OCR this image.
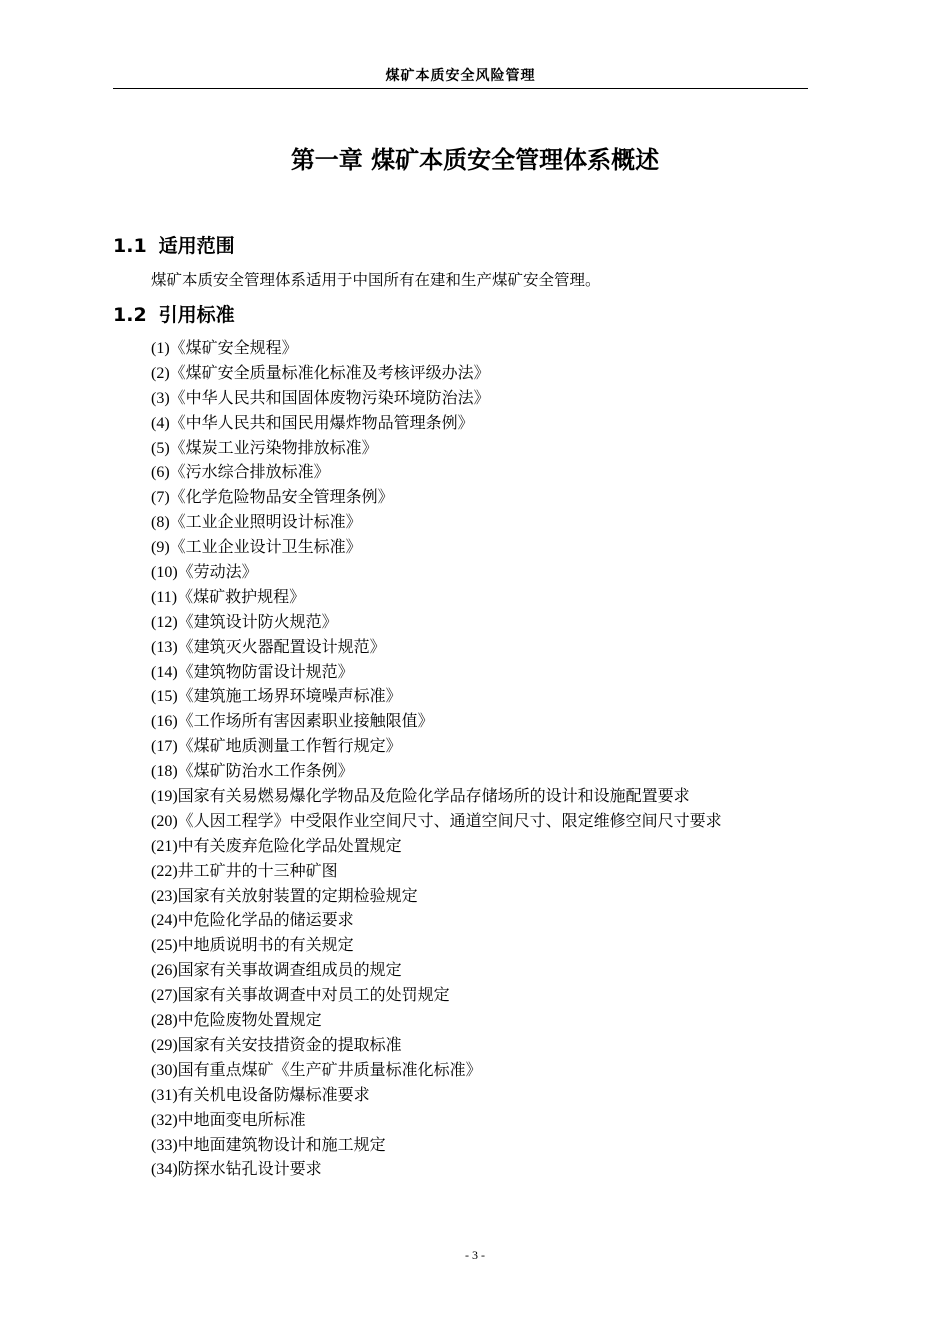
煤矿本质安全风险管理
第一章 煤矿本质安全管理体系概述
1.1 适用范围

煤矿本质安全管理体系适用于中国所有在建和生产煤矿安全管理。

1.2 引用标准
(1)《煤矿安全规程》
(2)《煤矿安全质量标准化标准及考核评级办法》
(3)《中华人民共和国固体废物污染环境防治法》
(4)《中华人民共和国民用爆炸物品管理条例》
(5)《煤炭工业污染物排放标准》
(6)《污水综合排放标准》
(7)《化学危险物品安全管理条例》
(8)《工业企业照明设计标准》
(9)《工业企业设计卫生标准》
(10)《劳动法》
(11)《煤矿救护规程》
(12)《建筑设计防火规范》
(13)《建筑灭火器配置设计规范》
(14)《建筑物防雷设计规范》
(15)《建筑施工场界环境噪声标准》
(16)《工作场所有害因素职业接触限值》
(17)《煤矿地质测量工作暂行规定》
(18)《煤矿防治水工作条例》
(19)国家有关易燃易爆化学物品及危险化学品存储场所的设计和设施配置要求
(20)《人因工程学》中受限作业空间尺寸、通道空间尺寸、限定维修空间尺寸要求
(21)中有关废弃危险化学品处置规定
(22)井工矿井的十三种矿图
(23)国家有关放射装置的定期检验规定
(24)中危险化学品的储运要求
(25)中地质说明书的有关规定
(26)国家有关事故调查组成员的规定
(27)国家有关事故调查中对员工的处罚规定
(28)中危险废物处置规定
(29)国家有关安技措资金的提取标准
(30)国有重点煤矿《生产矿井质量标准化标准》
(31)有关机电设备防爆标准要求
(32)中地面变电所标准
(33)中地面建筑物设计和施工规定
(34)防探水钻孔设计要求
- 3 -
